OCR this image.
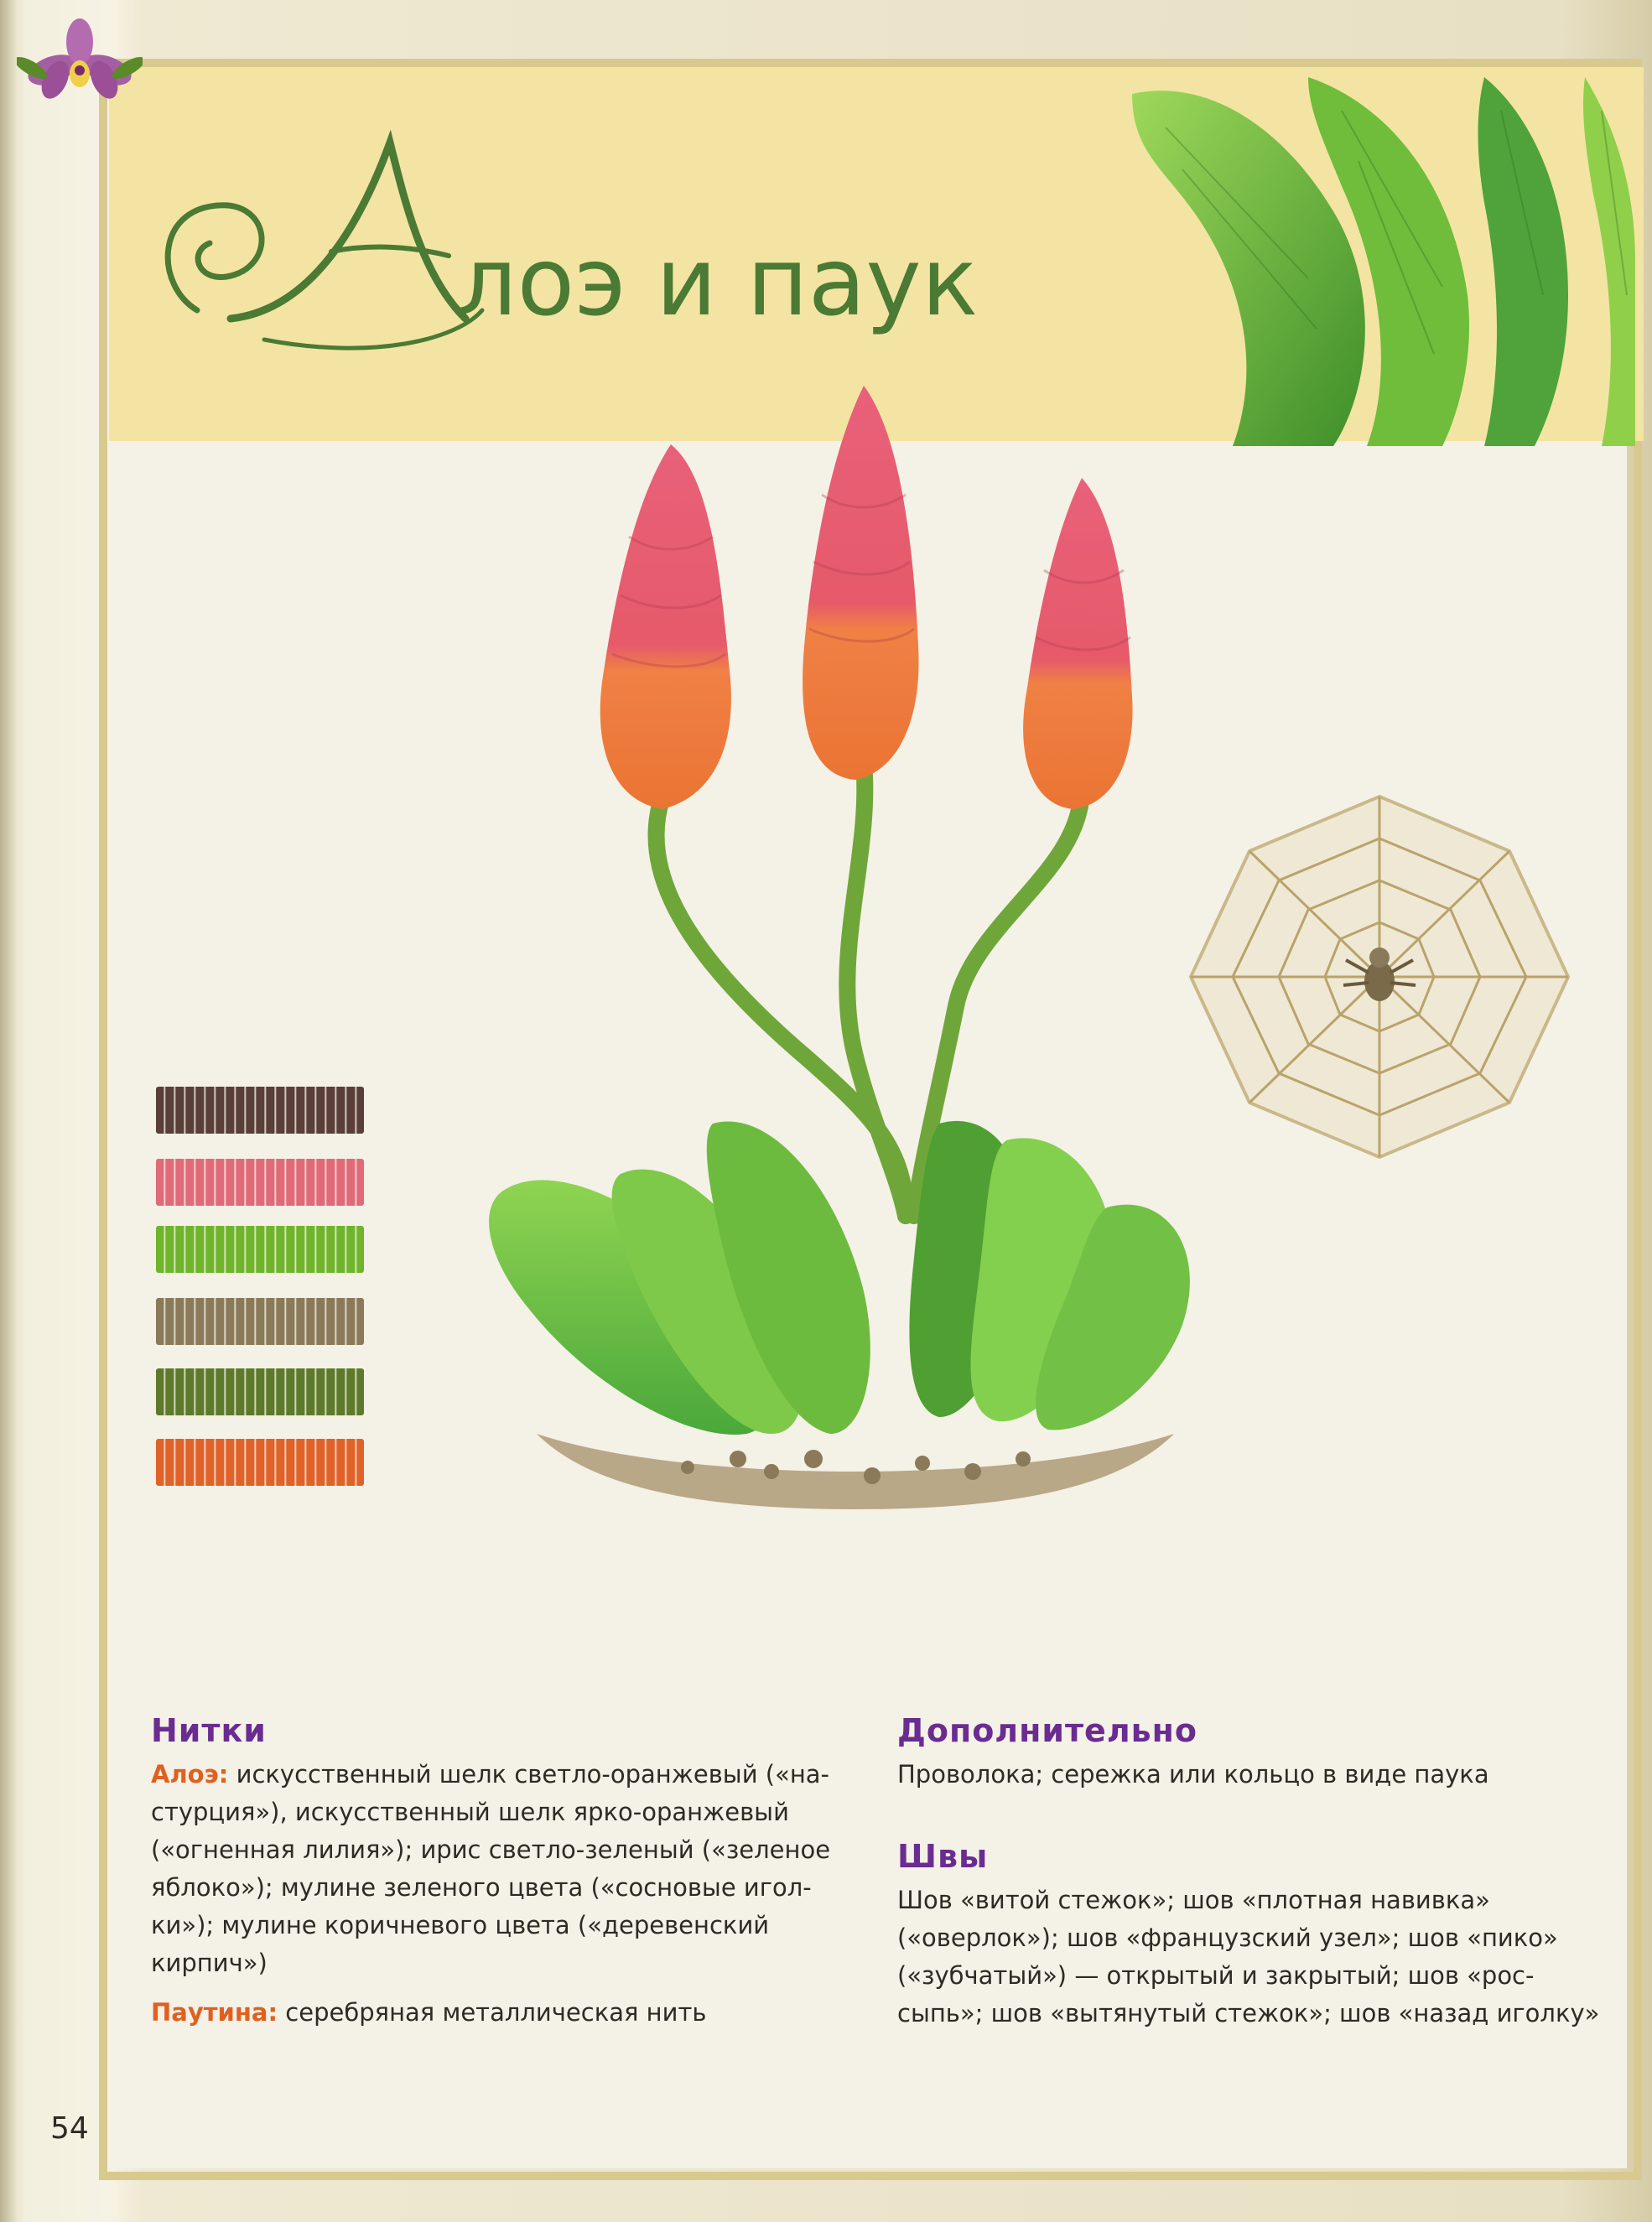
А лоэ и паук
Нитки
Алоэ: искусственный шелк светло-оранжевый («на-
стурция»), искусственный шелк ярко-оранжевый
(«огненная лилия»); ирис светло-зеленый («зеленое
яблоко»); мулине зеленого цвета («сосновые игол-
ки»); мулине коричневого цвета («деревенский
кирпич»)
Паутина: серебряная металлическая нить
Дополнительно
Проволока; сережка или кольцо в виде паука
Швы
Шов «витой стежок»; шов «плотная навивка»
(«оверлок»); шов «французский узел»; шов «пико»
(«зубчатый») — открытый и закрытый; шов «рос-
сыпь»; шов «вытянутый стежок»; шов «назад иголку»
54
